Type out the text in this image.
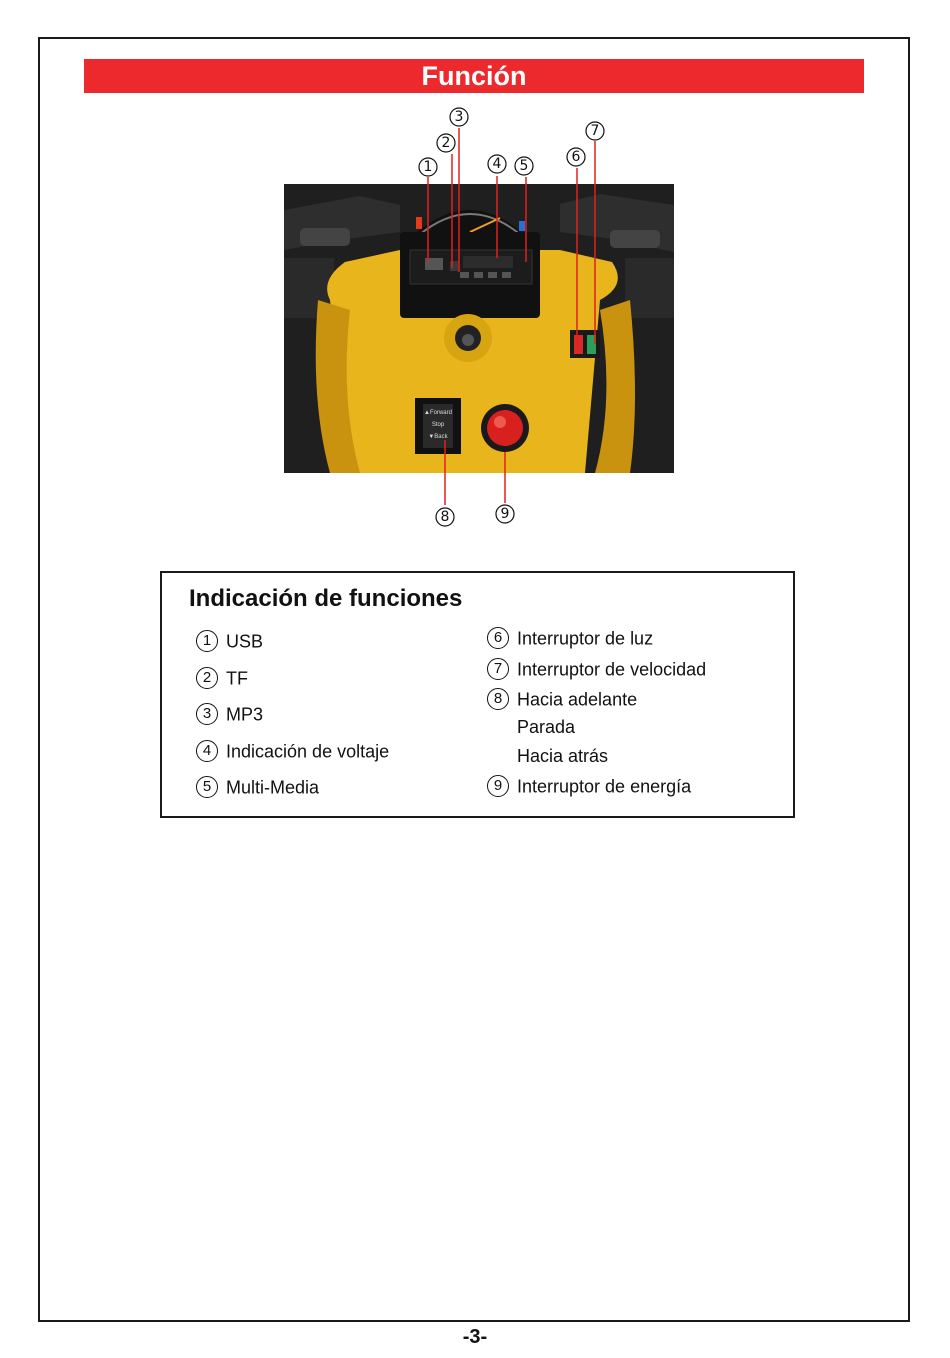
Función
▲Forward
Stop
▼Back
1
2
3
4 5
6
7
8	9
Indicación de funciones
1 USB
2 TF
3 MP3
4 Indicación de voltaje
5 Multi-Media
6 Interruptor de luz
7 Interruptor de velocidad
8 Hacia adelante
Parada
Hacia atrás
9 Interruptor de energía
-3-
